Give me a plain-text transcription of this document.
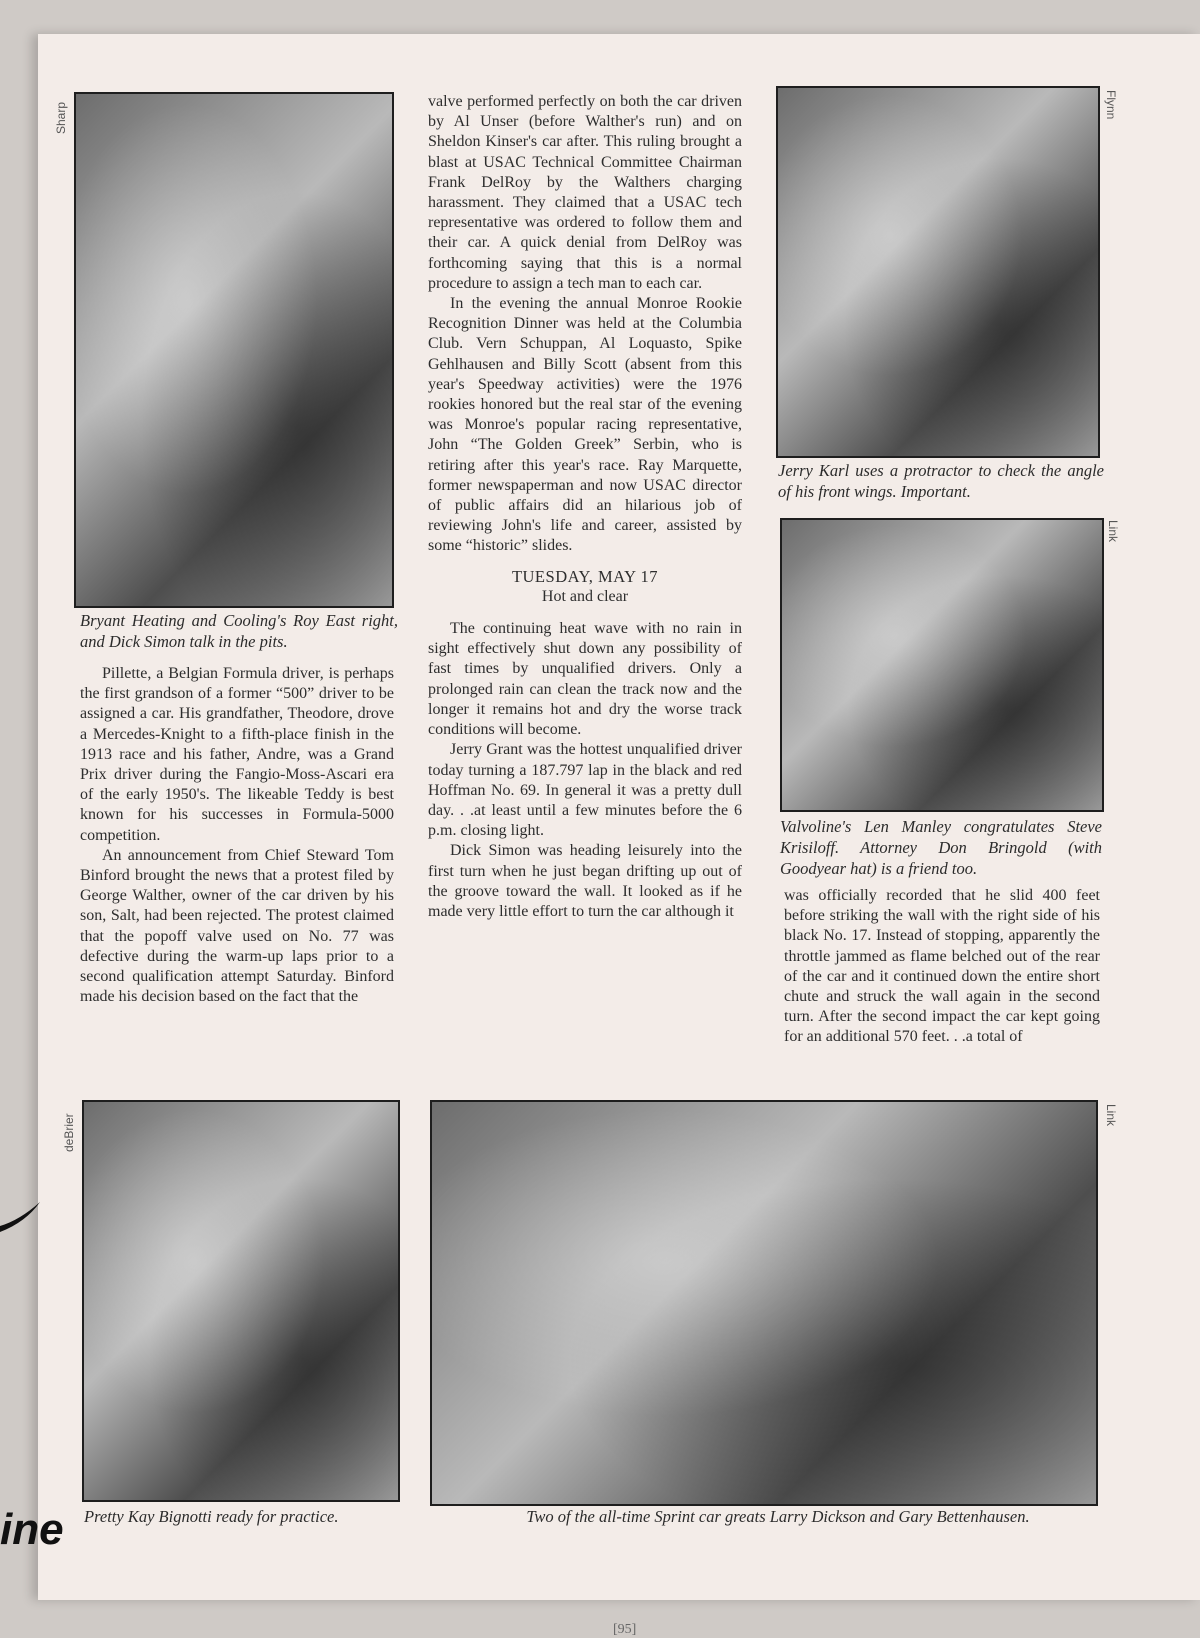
Sharp
Bryant Heating and Cooling's Roy East right, and Dick Simon talk in the pits.

Pillette, a Belgian Formula driver, is perhaps the first grandson of a former “500” driver to be assigned a car. His grandfather, Theodore, drove a Mercedes-Knight to a fifth-place finish in the 1913 race and his father, Andre, was a Grand Prix driver during the Fangio-Moss-Ascari era of the early 1950's. The likeable Teddy is best known for his successes in Formula-5000 competition.

An announcement from Chief Steward Tom Binford brought the news that a protest filed by George Walther, owner of the car driven by his son, Salt, had been rejected. The protest claimed that the popoff valve used on No. 77 was defective during the warm-up laps prior to a second qualification attempt Saturday. Binford made his decision based on the fact that the

valve performed perfectly on both the car driven by Al Unser (before Walther's run) and on Sheldon Kinser's car after. This ruling brought a blast at USAC Technical Committee Chairman Frank DelRoy by the Walthers charging harassment. They claimed that a USAC tech representative was ordered to follow them and their car. A quick denial from DelRoy was forthcoming saying that this is a normal procedure to assign a tech man to each car.

In the evening the annual Monroe Rookie Recognition Dinner was held at the Columbia Club. Vern Schuppan, Al Loquasto, Spike Gehlhausen and Billy Scott (absent from this year's Speedway activities) were the 1976 rookies honored but the real star of the evening was Monroe's popular racing representative, John “The Golden Greek” Serbin, who is retiring after this year's race. Ray Marquette, former newspaperman and now USAC director of public affairs did an hilarious job of reviewing John's life and career, assisted by some “historic” slides.

TUESDAY, MAY 17
Hot and clear

The continuing heat wave with no rain in sight effectively shut down any possibility of fast times by unqualified drivers. Only a prolonged rain can clean the track now and the longer it remains hot and dry the worse track conditions will become.

Jerry Grant was the hottest unqualified driver today turning a 187.797 lap in the black and red Hoffman No. 69. In general it was a pretty dull day. . .at least until a few minutes before the 6 p.m. closing light.

Dick Simon was heading leisurely into the first turn when he just began drifting up out of the groove toward the wall. It looked as if he made very little effort to turn the car although it

Flynn
Jerry Karl uses a protractor to check the angle of his front wings. Important.
Link
Valvoline's Len Manley congratulates Steve Krisiloff. Attorney Don Bringold (with Goodyear hat) is a friend too.

was officially recorded that he slid 400 feet before striking the wall with the right side of his black No. 17. Instead of stopping, apparently the throttle jammed as flame belched out of the rear of the car and it continued down the entire short chute and struck the wall again in the second turn. After the second impact the car kept going for an additional 570 feet. . .a total of

deBrier
Pretty Kay Bignotti ready for practice.
Link
Two of the all-time Sprint car greats Larry Dickson and Gary Bettenhausen.
[95]
ine
